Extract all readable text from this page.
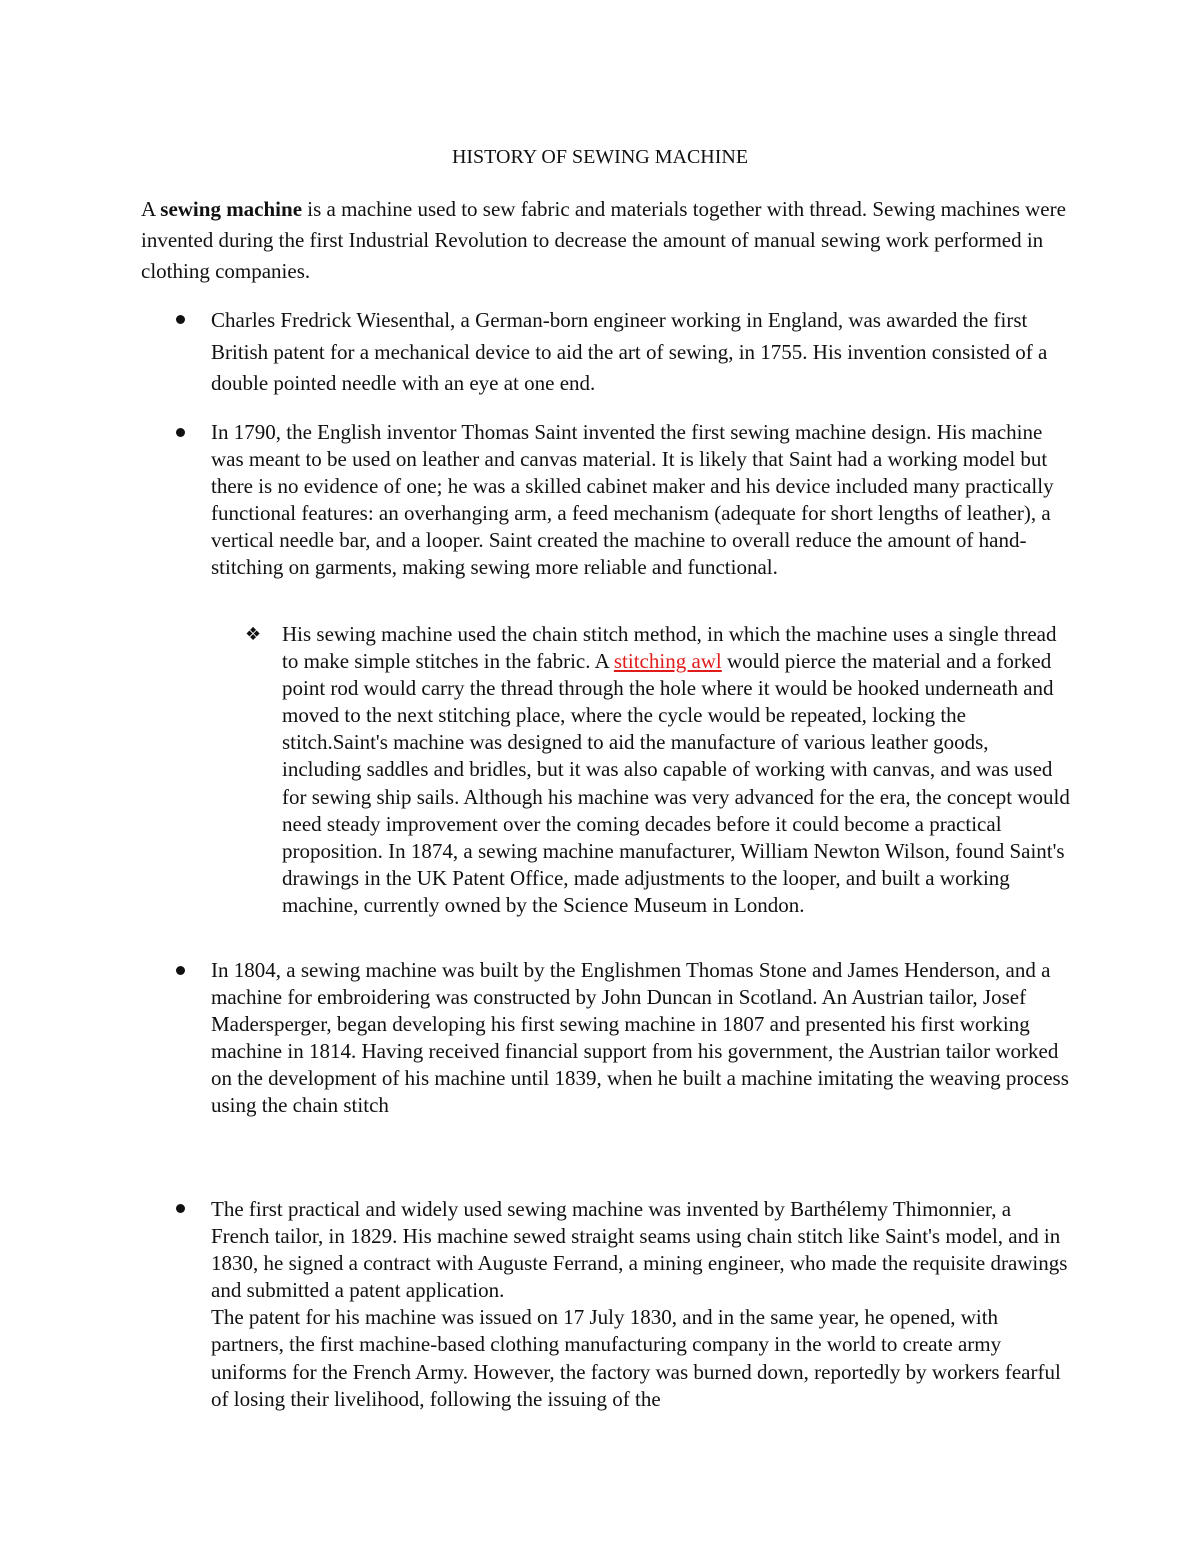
HISTORY OF SEWING MACHINE

A sewing machine is a machine used to sew fabric and materials together with thread. Sewing machines were invented during the first Industrial Revolution to decrease the amount of manual sewing work performed in clothing companies.

Charles Fredrick Wiesenthal, a German-born engineer working in England, was awarded the first British patent for a mechanical device to aid the art of sewing, in 1755. His invention consisted of a double pointed needle with an eye at one end.

In 1790, the English inventor Thomas Saint invented the first sewing machine design. His machine was meant to be used on leather and canvas material. It is likely that Saint had a working model but there is no evidence of one; he was a skilled cabinet maker and his device included many practically functional features: an overhanging arm, a feed mechanism (adequate for short lengths of leather), a vertical needle bar, and a looper. Saint created the machine to overall reduce the amount of hand-stitching on garments, making sewing more reliable and functional.

❖ His sewing machine used the chain stitch method, in which the machine uses a single thread to make simple stitches in the fabric. A stitching awl would pierce the material and a forked point rod would carry the thread through the hole where it would be hooked underneath and moved to the next stitching place, where the cycle would be repeated, locking the stitch.Saint's machine was designed to aid the manufacture of various leather goods, including saddles and bridles, but it was also capable of working with canvas, and was used for sewing ship sails. Although his machine was very advanced for the era, the concept would need steady improvement over the coming decades before it could become a practical proposition. In 1874, a sewing machine manufacturer, William Newton Wilson, found Saint's drawings in the UK Patent Office, made adjustments to the looper, and built a working machine, currently owned by the Science Museum in London.

In 1804, a sewing machine was built by the Englishmen Thomas Stone and James Henderson, and a machine for embroidering was constructed by John Duncan in Scotland. An Austrian tailor, Josef Madersperger, began developing his first sewing machine in 1807 and presented his first working machine in 1814. Having received financial support from his government, the Austrian tailor worked on the development of his machine until 1839, when he built a machine imitating the weaving process using the chain stitch

The first practical and widely used sewing machine was invented by Barthélemy Thimonnier, a French tailor, in 1829. His machine sewed straight seams using chain stitch like Saint's model, and in 1830, he signed a contract with Auguste Ferrand, a mining engineer, who made the requisite drawings and submitted a patent application.

The patent for his machine was issued on 17 July 1830, and in the same year, he opened, with partners, the first machine-based clothing manufacturing company in the world to create army uniforms for the French Army. However, the factory was burned down, reportedly by workers fearful of losing their livelihood, following the issuing of the
